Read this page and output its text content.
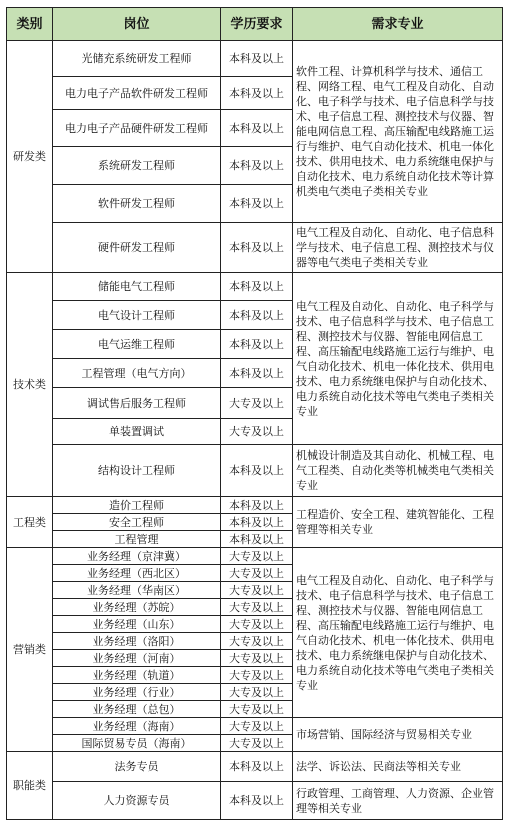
类别	岗位	学历要求	需求专业
研发类	光储充系统研发工程师	本科及以上	软件工程、计算机科学与技术、通信工程、网络工程、电气工程及自动化、自动化、电子科学与技术、电子信息科学与技术、电子信息工程、测控技术与仪器、智能电网信息工程、高压输配电线路施工运行与维护、电气自动化技术、机电一体化技术、供用电技术、电力系统继电保护与自动化技术、电力系统自动化技术等计算机类电气类电子类相关专业
	电力电子产品软件研发工程师	本科及以上	
	电力电子产品硬件研发工程师	本科及以上	
	系统研发工程师	本科及以上	
	软件研发工程师	本科及以上	
	硬件研发工程师	本科及以上	电气工程及自动化、自动化、电子信息科学与技术、电子信息工程、测控技术与仪器等电气类电子类相关专业
技术类	储能电气工程师	本科及以上	电气工程及自动化、自动化、电子科学与技术、电子信息科学与技术、电子信息工程、测控技术与仪器、智能电网信息工程、高压输配电线路施工运行与维护、电气自动化技术、机电一体化技术、供用电技术、电力系统继电保护与自动化技术、电力系统自动化技术等电气类电子类相关专业
	电气设计工程师	本科及以上	
	电气运维工程师	本科及以上	
	工程管理（电气方向）	本科及以上	
	调试售后服务工程师	大专及以上	
	单装置调试	大专及以上	
	结构设计工程师	本科及以上	机械设计制造及其自动化、机械工程、电气工程类、自动化类等机械类电气类相关专业
工程类	造价工程师	本科及以上	工程造价、安全工程、建筑智能化、工程管理等相关专业
	安全工程师	本科及以上	
	工程管理	本科及以上	
营销类	业务经理（京津冀）	大专及以上	电气工程及自动化、自动化、电子科学与技术、电子信息科学与技术、电子信息工程、测控技术与仪器、智能电网信息工程、高压输配电线路施工运行与维护、电气自动化技术、机电一体化技术、供用电技术、电力系统继电保护与自动化技术、电力系统自动化技术等电气类电子类相关专业
	业务经理（西北区）	大专及以上	
	业务经理（华南区）	大专及以上	
	业务经理（苏皖）	大专及以上	
	业务经理（山东）	大专及以上	
	业务经理（洛阳）	大专及以上	
	业务经理（河南）	大专及以上	
	业务经理（轨道）	大专及以上	
	业务经理（行业）	大专及以上	
	业务经理（总包）	大专及以上	
	业务经理（海南）	大专及以上	市场营销、国际经济与贸易相关专业
	国际贸易专员（海南）	大专及以上	
职能类	法务专员	本科及以上	法学、诉讼法、民商法等相关专业
	人力资源专员	本科及以上	行政管理、工商管理、人力资源、企业管理等相关专业
